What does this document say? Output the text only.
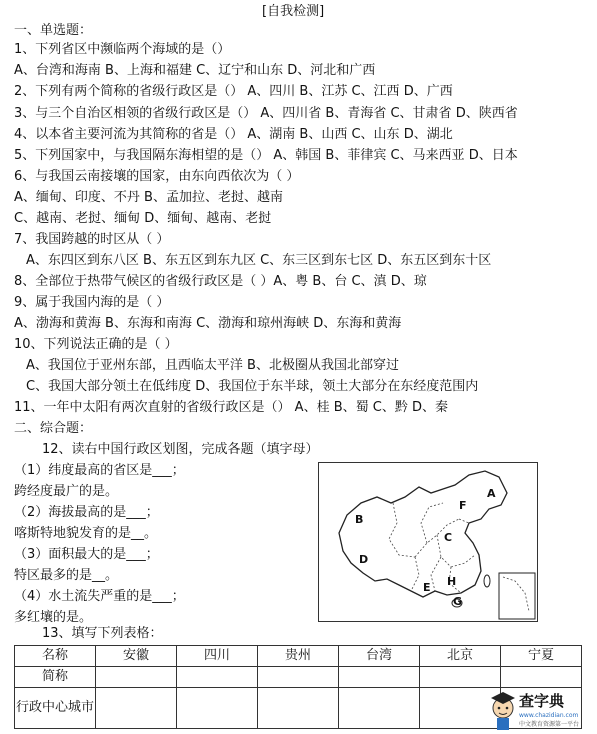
[自我检测]
一、单选题：
1、下列省区中濒临两个海域的是（）
A、台湾和海南 B、上海和福建 C、辽宁和山东 D、河北和广西
2、下列有两个简称的省级行政区是（） A、四川 B、江苏 C、江西 D、广西
3、与三个自治区相领的省级行政区是（） A、四川省 B、青海省 C、甘肃省 D、陕西省
4、以本省主要河流为其简称的省是（） A、湖南 B、山西 C、山东 D、湖北
5、下列国家中，与我国隔东海相望的是（） A、韩国 B、菲律宾 C、马来西亚 D、日本
6、与我国云南接壤的国家，由东向西依次为（ ）
A、缅甸、印度、不丹 B、孟加拉、老挝、越南
C、越南、老挝、缅甸 D、缅甸、越南、老挝
7、我国跨越的时区从（ ）
A、东四区到东八区 B、东五区到东九区 C、东三区到东七区 D、东五区到东十区
8、全部位于热带气候区的省级行政区是（ ）A、粤 B、台 C、滇 D、琼
9、属于我国内海的是（ ）
A、渤海和黄海 B、东海和南海 C、渤海和琼州海峡 D、东海和黄海
10、下列说法正确的是（ ）
A、我国位于亚州东部，且西临太平洋 B、北极圈从我国北部穿过
C、我国大部分领土在低纬度 D、我国位于东半球，领土大部分在东经度范围内
11、一年中太阳有两次直射的省级行政区是（） A、桂 B、蜀 C、黔 D、秦
二、综合题：
12、读右中国行政区划图，完成各题（填字母）
（1）纬度最高的省区是___；
跨经度最广的是。
（2）海拔最高的是___；
喀斯特地貌发育的是__。
（3）面积最大的是___；
特区最多的是__。
（4）水土流失严重的是___；
多红壤的是。
A
B
C
D
E
F
G
H
13、填写下列表格：
名称	安徽	四川	贵州	台湾	北京	宁夏
简称						
行政中心城市							查字典
www.chazidian.com
中文教育资源第一平台
